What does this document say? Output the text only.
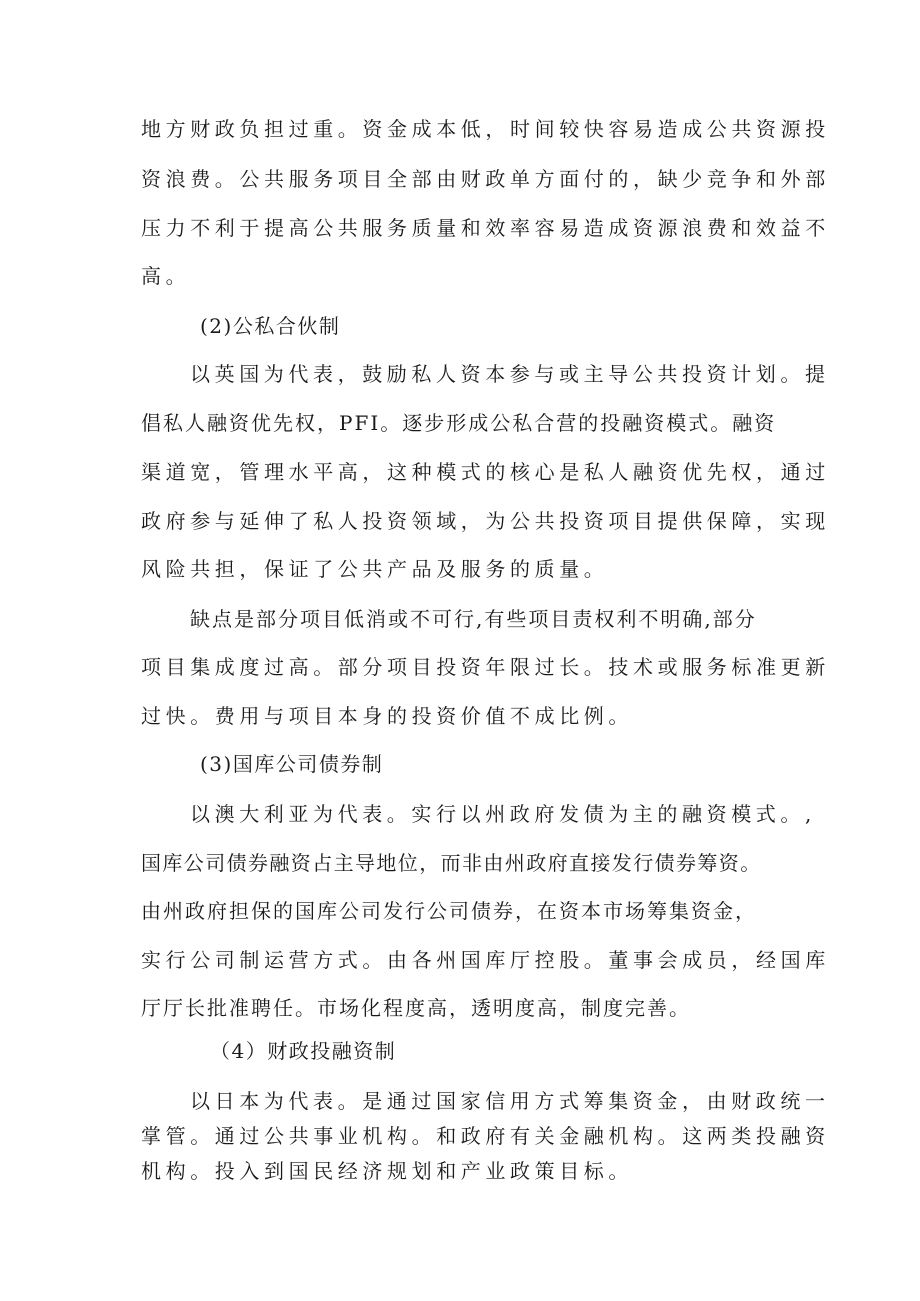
地方财政负担过重。资金成本低，时间较快容易造成公共资源投
资浪费。公共服务项目全部由财政单方面付的，缺少竞争和外部
压力不利于提高公共服务质量和效率容易造成资源浪费和效益不
高。
(2)公私合伙制
以英国为代表，鼓励私人资本参与或主导公共投资计划。提
倡私人融资优先权，PFI。逐步形成公私合营的投融资模式。融资
渠道宽，管理水平高，这种模式的核心是私人融资优先权，通过
政府参与延伸了私人投资领域，为公共投资项目提供保障，实现
风险共担，保证了公共产品及服务的质量。
缺点是部分项目低消或不可行,有些项目责权利不明确,部分
项目集成度过高。部分项目投资年限过长。技术或服务标准更新
过快。费用与项目本身的投资价值不成比例。
(3)国库公司债券制
以澳大利亚为代表。实行以州政府发债为主的融资模式。,
国库公司债券融资占主导地位，而非由州政府直接发行债券筹资。
由州政府担保的国库公司发行公司债券，在资本市场筹集资金，
实行公司制运营方式。由各州国库厅控股。董事会成员，经国库
厅厅长批准聘任。市场化程度高，透明度高，制度完善。
（4）财政投融资制
以日本为代表。是通过国家信用方式筹集资金，由财政统一
掌管。通过公共事业机构。和政府有关金融机构。这两类投融资
机构。投入到国民经济规划和产业政策目标。
